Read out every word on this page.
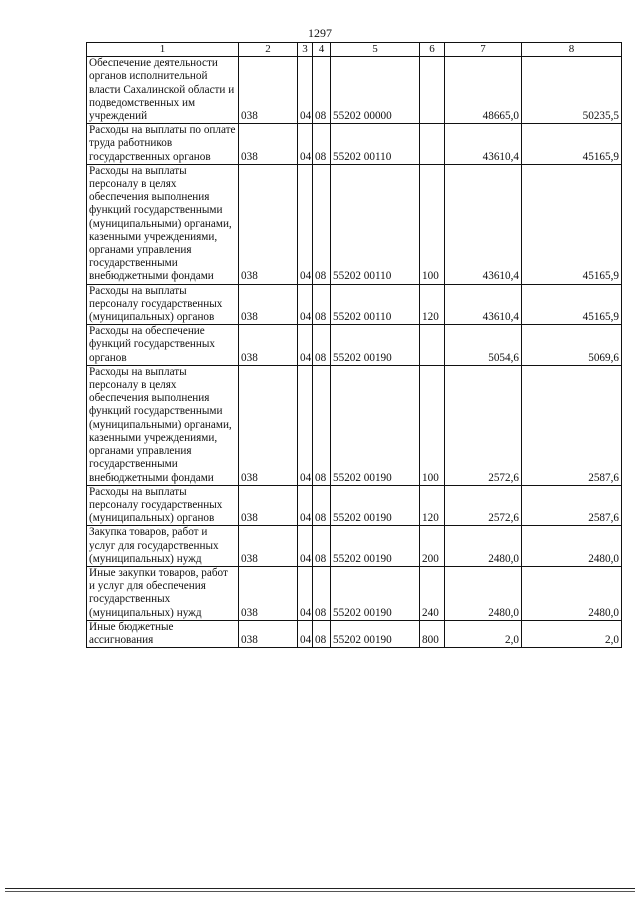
1297
1	2	3	4	5	6	7	8
Обеспечение деятельности органов исполнительной власти Сахалинской области и подведомственных им учреждений	038	04	08	55202 00000		48665,0	50235,5
Расходы на выплаты по оплате труда работников государственных органов	038	04	08	55202 00110		43610,4	45165,9
Расходы на выплаты персоналу в целях обеспечения выполнения функций государственными (муниципальными) органами, казенными учреждениями, органами управления государственными внебюджетными фондами	038	04	08	55202 00110	100	43610,4	45165,9
Расходы на выплаты персоналу государственных (муниципальных) органов	038	04	08	55202 00110	120	43610,4	45165,9
Расходы на обеспечение функций государственных органов	038	04	08	55202 00190		5054,6	5069,6
Расходы на выплаты персоналу в целях обеспечения выполнения функций государственными (муниципальными) органами, казенными учреждениями, органами управления государственными внебюджетными фондами	038	04	08	55202 00190	100	2572,6	2587,6
Расходы на выплаты персоналу государственных (муниципальных) органов	038	04	08	55202 00190	120	2572,6	2587,6
Закупка товаров, работ и услуг для государственных (муниципальных) нужд	038	04	08	55202 00190	200	2480,0	2480,0
Иные закупки товаров, работ и услуг для обеспечения государственных (муниципальных) нужд	038	04	08	55202 00190	240	2480,0	2480,0
Иные бюджетные ассигнования	038	04	08	55202 00190	800	2,0	2,0
